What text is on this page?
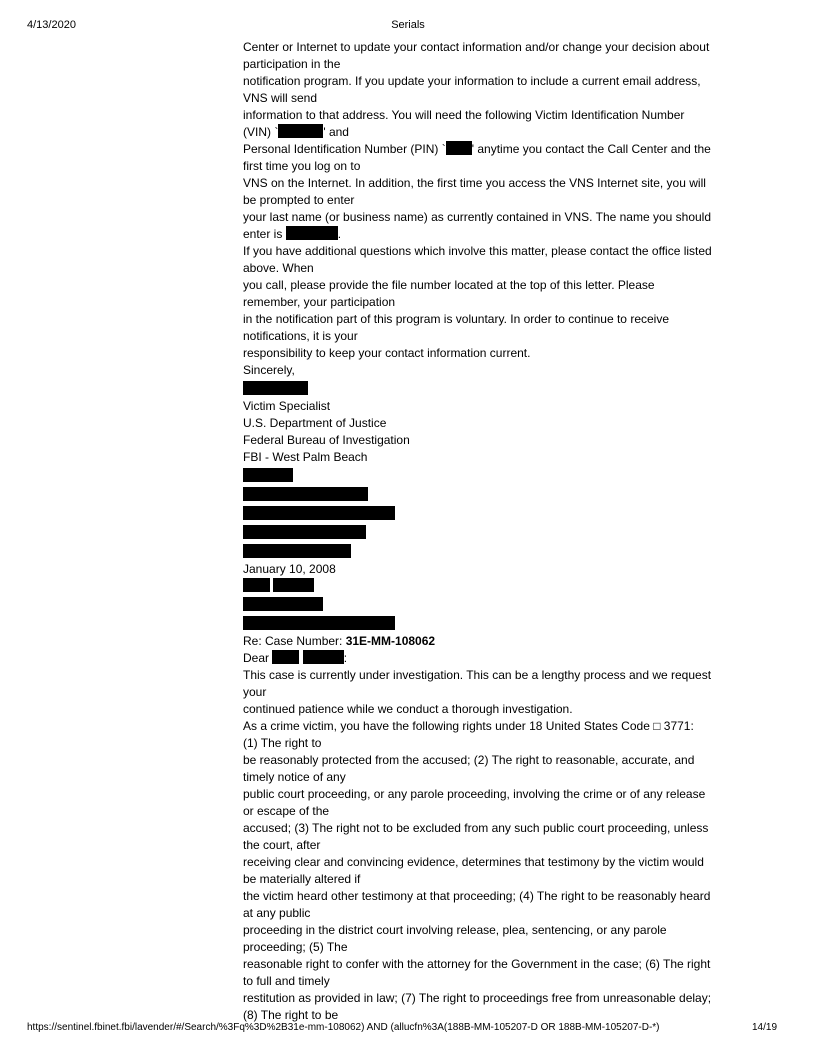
4/13/2020	Serials
Center or Internet to update your contact information and/or change your decision about
participation in the
notification program. If you update your information to include a current email address,
VNS will send
information to that address. You will need the following Victim Identification Number
(VIN) `	' and
Personal Identification Number (PIN) ` ' anytime you contact the Call Center and the
first time you log on to
VNS on the Internet. In addition, the first time you access the VNS Internet site, you will
be prompted to enter
your last name (or business name) as currently contained in VNS. The name you should
enter is	.
If you have additional questions which involve this matter, please contact the office listed
above. When
you call, please provide the file number located at the top of this letter. Please
remember, your participation
in the notification part of this program is voluntary. In order to continue to receive
notifications, it is your
responsibility to keep your contact information current.
Sincerely,
Victim Specialist
U.S. Department of Justice
Federal Bureau of Investigation
FBI - West Palm Beach
January 10, 2008

Re: Case Number: 31E-MM-108062
Dear	:
This case is currently under investigation. This can be a lengthy process and we request
your
continued patience while we conduct a thorough investigation.
As a crime victim, you have the following rights under 18 United States Code □ 3771:
(1) The right to
be reasonably protected from the accused; (2) The right to reasonable, accurate, and
timely notice of any
public court proceeding, or any parole proceeding, involving the crime or of any release
or escape of the
accused; (3) The right not to be excluded from any such public court proceeding, unless
the court, after
receiving clear and convincing evidence, determines that testimony by the victim would
be materially altered if
the victim heard other testimony at that proceeding; (4) The right to be reasonably heard
at any public
proceeding in the district court involving release, plea, sentencing, or any parole
proceeding; (5) The
reasonable right to confer with the attorney for the Government in the case; (6) The right
to full and timely
restitution as provided in law; (7) The right to proceedings free from unreasonable delay;
(8) The right to be
https://sentinel.fbinet.fbi/lavender/#/Search/%3Fq%3D%2B31e-mm-108062) AND (allucfn%3A(188B-MM-105207-D OR 188B-MM-105207-D-*)	14/19
